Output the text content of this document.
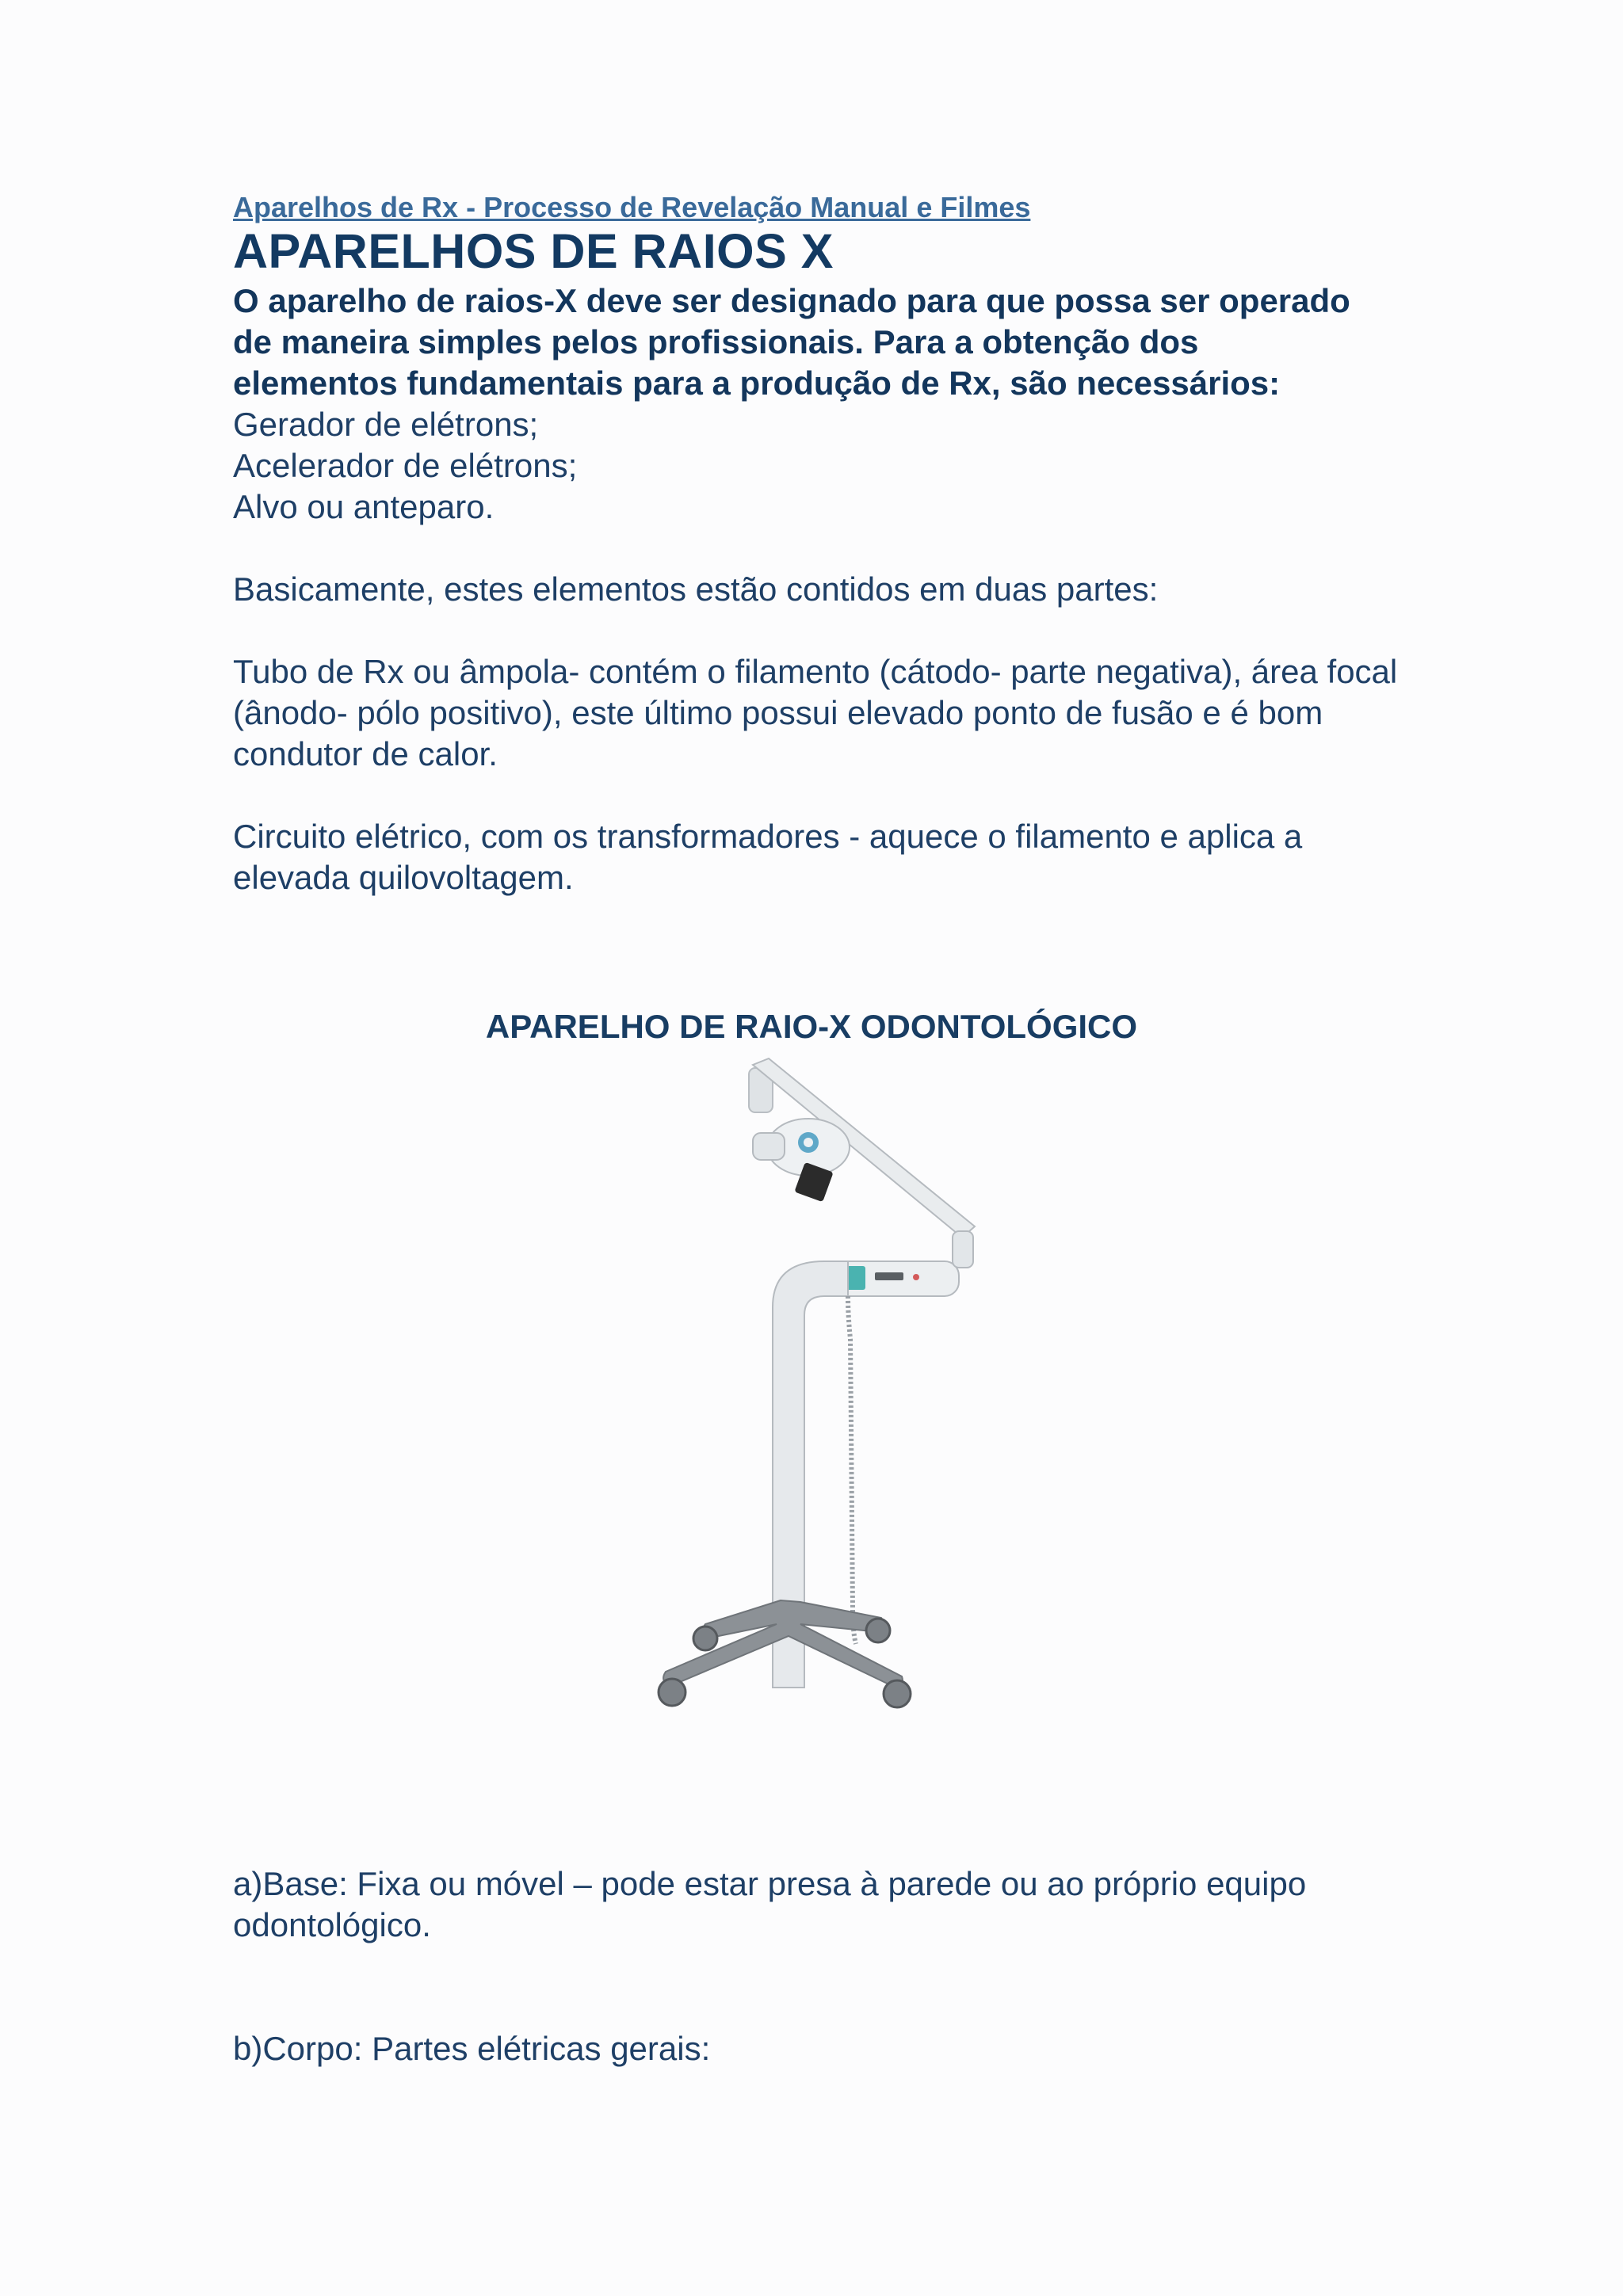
Aparelhos de Rx - Processo de Revelação Manual e Filmes
APARELHOS DE RAIOS X

O aparelho de raios-X deve ser designado para que possa ser operado de maneira simples pelos profissionais. Para a obtenção dos elementos fundamentais para a produção de Rx, são necessários:

Gerador de elétrons;

Acelerador de elétrons;

Alvo ou anteparo.

Basicamente, estes elementos estão contidos em duas partes:

Tubo de Rx ou âmpola- contém o filamento (cátodo- parte negativa), área focal (ânodo- pólo positivo), este último possui elevado ponto de fusão e é bom condutor de calor.

Circuito elétrico, com os transformadores - aquece o filamento e aplica a elevada quilovoltagem.

APARELHO DE RAIO-X ODONTOLÓGICO

a)Base: Fixa ou móvel – pode estar presa à parede ou ao próprio equipo odontológico.

b)Corpo: Partes elétricas gerais:
